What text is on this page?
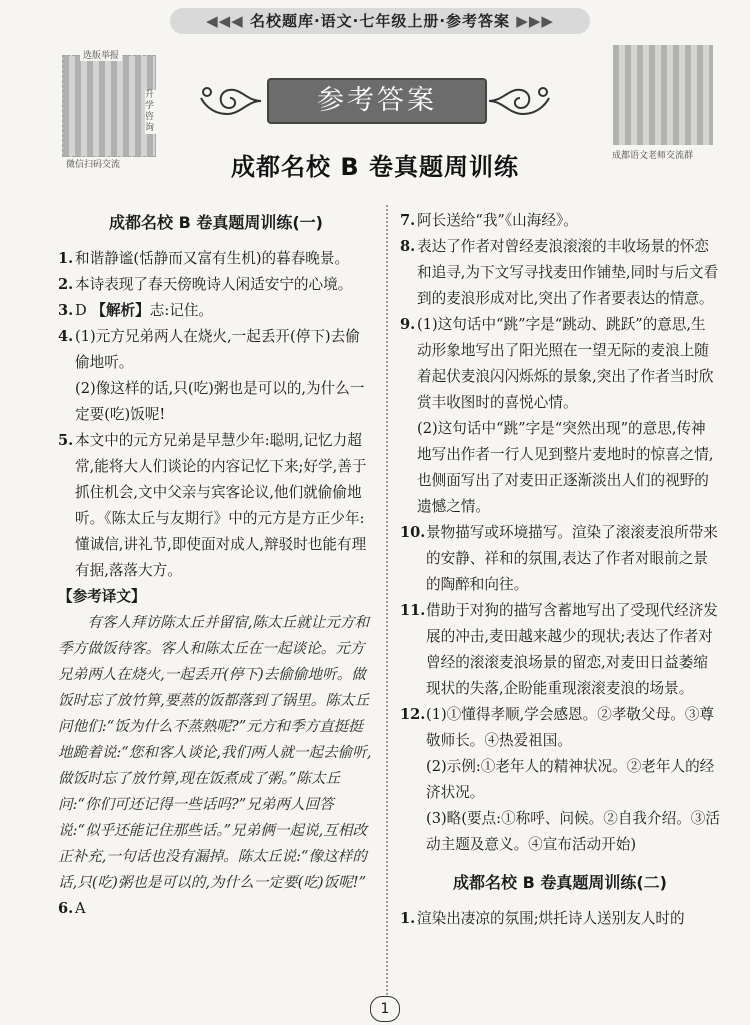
◀◀◀ 名校题库·语文·七年级上册·参考答案 ▶▶▶
选版举报
升学咨询
微信扫码交流
成都语文老师交流群
参考答案
成都名校 B 卷真题周训练
成都名校 B 卷真题周训练(一)
1. 和谐静谧(恬静而又富有生机)的暮春晚景。
2. 本诗表现了春天傍晚诗人闲适安宁的心境。
3. D 【解析】志:记住。
4. (1)元方兄弟两人在烧火,一起丢开(停下)去偷偷地听。
(2)像这样的话,只(吃)粥也是可以的,为什么一定要(吃)饭呢!
5. 本文中的元方兄弟是早慧少年:聪明,记忆力超常,能将大人们谈论的内容记忆下来;好学,善于抓住机会,文中父亲与宾客论议,他们就偷偷地听。《陈太丘与友期行》中的元方是方正少年:懂诚信,讲礼节,即使面对成人,辩驳时也能有理有据,落落大方。
【参考译文】
有客人拜访陈太丘并留宿,陈太丘就让元方和季方做饭待客。客人和陈太丘在一起谈论。元方兄弟两人在烧火,一起丢开(停下)去偷偷地听。做饭时忘了放竹箅,要蒸的饭都落到了锅里。陈太丘问他们:“饭为什么不蒸熟呢?”元方和季方直挺挺地跪着说:“您和客人谈论,我们两人就一起去偷听,做饭时忘了放竹箅,现在饭煮成了粥。”陈太丘问:“你们可还记得一些话吗?”兄弟两人回答说:“似乎还能记住那些话。”兄弟俩一起说,互相改正补充,一句话也没有漏掉。陈太丘说:“像这样的话,只(吃)粥也是可以的,为什么一定要(吃)饭呢!”
6. A
7. 阿长送给“我”《山海经》。
8. 表达了作者对曾经麦浪滚滚的丰收场景的怀恋和追寻,为下文写寻找麦田作铺垫,同时与后文看到的麦浪形成对比,突出了作者要表达的情意。
9. (1)这句话中“跳”字是“跳动、跳跃”的意思,生动形象地写出了阳光照在一望无际的麦浪上随着起伏麦浪闪闪烁烁的景象,突出了作者当时欣赏丰收图时的喜悦心情。
(2)这句话中“跳”字是“突然出现”的意思,传神地写出作者一行人见到整片麦地时的惊喜之情,也侧面写出了对麦田正逐渐淡出人们的视野的遗憾之情。
10. 景物描写或环境描写。渲染了滚滚麦浪所带来的安静、祥和的氛围,表达了作者对眼前之景的陶醉和向往。
11. 借助于对狗的描写含蓄地写出了受现代经济发展的冲击,麦田越来越少的现状;表达了作者对曾经的滚滚麦浪场景的留恋,对麦田日益萎缩现状的失落,企盼能重现滚滚麦浪的场景。
12. (1)①懂得孝顺,学会感恩。②孝敬父母。③尊敬师长。④热爱祖国。
(2)示例:①老年人的精神状况。②老年人的经济状况。
(3)略(要点:①称呼、问候。②自我介绍。③活动主题及意义。④宣布活动开始)
成都名校 B 卷真题周训练(二)
1. 渲染出凄凉的氛围;烘托诗人送别友人时的
1
